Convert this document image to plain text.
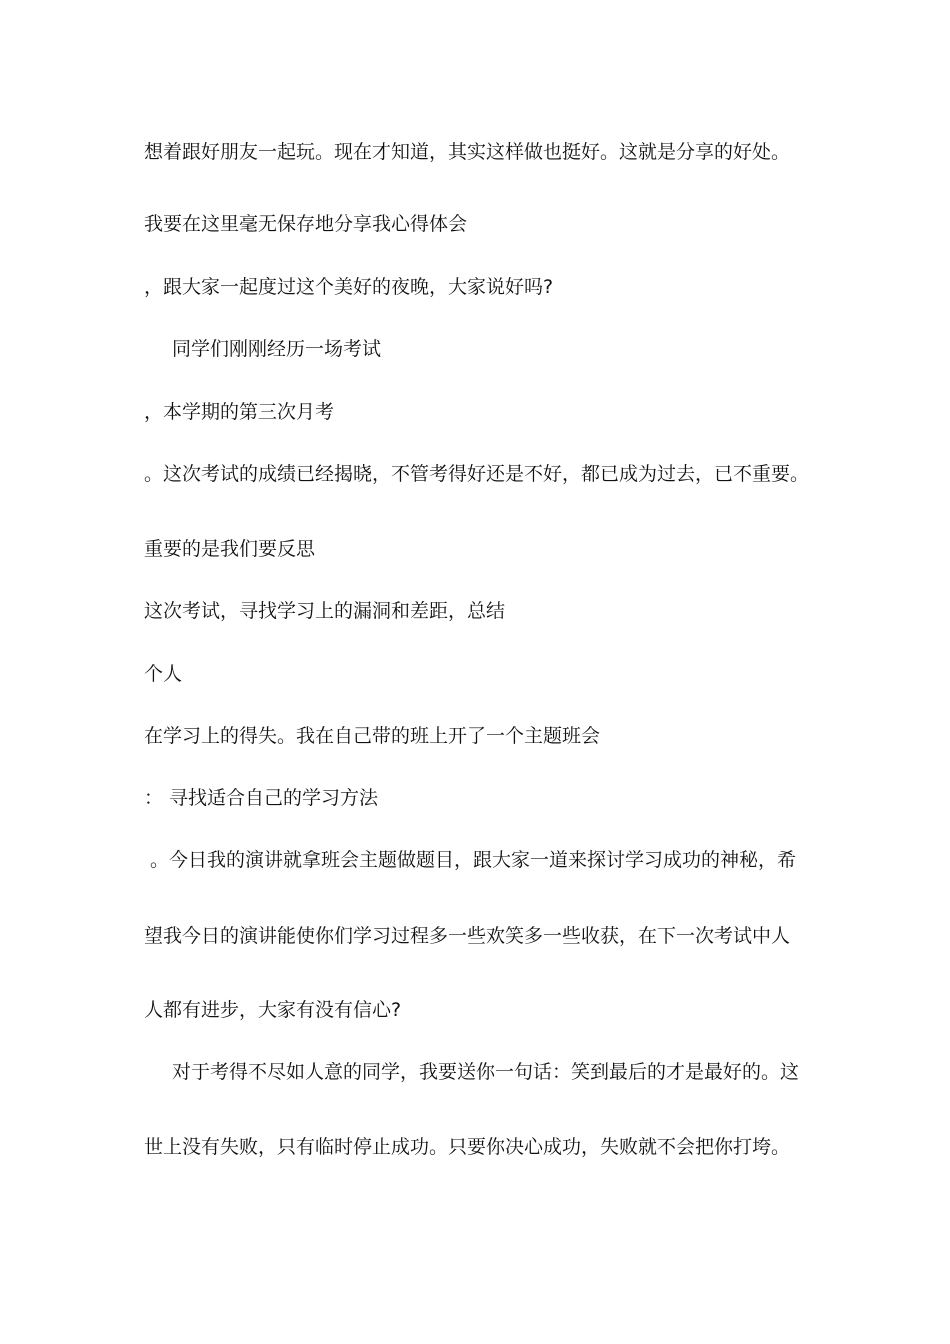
想着跟好朋友一起玩。现在才知道，其实这样做也挺好。这就是分享的好处。
我要在这里毫无保存地分享我心得体会
，跟大家一起度过这个美好的夜晚，大家说好吗?
同学们刚刚经历一场考试
，本学期的第三次月考
。这次考试的成绩已经揭晓，不管考得好还是不好，都已成为过去，已不重要。
重要的是我们要反思
这次考试，寻找学习上的漏洞和差距，总结
个人
在学习上的得失。我在自己带的班上开了一个主题班会
： 寻找适合自己的学习方法
。今日我的演讲就拿班会主题做题目，跟大家一道来探讨学习成功的神秘，希
望我今日的演讲能使你们学习过程多一些欢笑多一些收获，在下一次考试中人
人都有进步，大家有没有信心?
对于考得不尽如人意的同学，我要送你一句话：笑到最后的才是最好的。这
世上没有失败，只有临时停止成功。只要你决心成功，失败就不会把你打垮。
